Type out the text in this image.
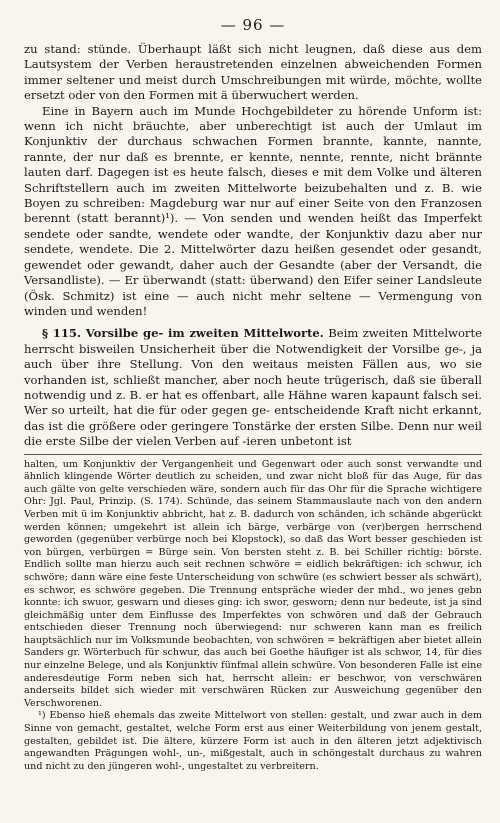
— 96 —

zu stand: stünde. Überhaupt läßt sich nicht leugnen, daß diese aus dem Lautsystem der Verben heraustretenden einzelnen abweichenden Formen immer seltener und meist durch Umschreibungen mit würde, möchte, wollte ersetzt oder von den Formen mit ä überwuchert werden.

Eine in Bayern auch im Munde Hochgebildeter zu hörende Unform ist: wenn ich nicht bräuchte, aber unberechtigt ist auch der Umlaut im Konjunktiv der durchaus schwachen Formen brannte, kannte, nannte, rannte, der nur daß es brennte, er kennte, nennte, rennte, nicht brännte lauten darf. Dagegen ist es heute falsch, dieses e mit dem Volke und älteren Schriftstellern auch im zweiten Mittelworte beizubehalten und z. B. wie Boyen zu schreiben: Magdeburg war nur auf einer Seite von den Franzosen berennt (statt berannt)¹). — Von senden und wenden heißt das Imperfekt sendete oder sandte, wendete oder wandte, der Konjunktiv dazu aber nur sendete, wendete. Die 2. Mittelwörter dazu heißen gesendet oder gesandt, gewendet oder gewandt, daher auch der Gesandte (aber der Versandt, die Versandliste). — Er überwandt (statt: überwand) den Eifer seiner Landsleute (Ösk. Schmitz) ist eine — auch nicht mehr seltene — Vermengung von winden und wenden!

§ 115. Vorsilbe ge- im zweiten Mittelworte. Beim zweiten Mittelworte herrscht bisweilen Unsicherheit über die Notwendigkeit der Vorsilbe ge-, ja auch über ihre Stellung. Von den weitaus meisten Fällen aus, wo sie vorhanden ist, schließt mancher, aber noch heute trügerisch, daß sie überall notwendig und z. B. er hat es offenbart, alle Hähne waren kapaunt falsch sei. Wer so urteilt, hat die für oder gegen ge- entscheidende Kraft nicht erkannt, das ist die größere oder geringere Tonstärke der ersten Silbe. Denn nur weil die erste Silbe der vielen Verben auf -ieren unbetont ist

halten, um Konjunktiv der Vergangenheit und Gegenwart oder auch sonst verwandte und ähnlich klingende Wörter deutlich zu scheiden, und zwar nicht bloß für das Auge, für das auch gälte von gelte verschieden wäre, sondern auch für das Ohr für die Sprache wichtigere Ohr: Jgl. Paul, Prinzip. (S. 174). Schünde, das seinem Stammauslaute nach von den andern Verben mit ü im Konjunktiv abbricht, hat z. B. dadurch von schänden, ich schände abgerückt werden können; umgekehrt ist allein ich bärge, verbärge von (ver)bergen herrschend geworden (gegenüber verbürge noch bei Klopstock), so daß das Wort besser geschieden ist von bürgen, verbürgen = Bürge sein. Von bersten steht z. B. bei Schiller richtig: börste. Endlich sollte man hierzu auch seit rechnen schwöre = eidlich bekräftigen: ich schwur, ich schwöre; dann wäre eine feste Unterscheidung von schwüre (es schwiert besser als schwärt), es schwor, es schwöre gegeben. Die Trennung entspräche wieder der mhd., wo jenes gebn konnte: ich swuor, geswarn und dieses ging: ich swor, gesworn; denn nur bedeute, ist ja sind gleichmäßig unter dem Einflusse des Imperfektes von schwören und daß der Gebrauch entschieden dieser Trennung noch überwiegend: nur schweren kann man es freilich hauptsächlich nur im Volksmunde beobachten, von schwören = bekräftigen aber bietet allein Sanders gr. Wörterbuch für schwur, das auch bei Goethe häufiger ist als schwor, 14, für dies nur einzelne Belege, und als Konjunktiv fünfmal allein schwüre. Von besonderen Falle ist eine anderesdeutige Form neben sich hat, herrscht allein: er beschwor, von verschwären anderseits bildet sich wieder mit verschwären Rücken zur Ausweichung gegenüber den Verschworenen.

¹) Ebenso hieß ehemals das zweite Mittelwort von stellen: gestalt, und zwar auch in dem Sinne von gemacht, gestaltet, welche Form erst aus einer Weiterbildung von jenem gestalt, gestalten, gebildet ist. Die ältere, kürzere Form ist auch in den älteren jetzt adjektivisch angewandten Prägungen wohl-, un-, mißgestalt, auch in schöngestalt durchaus zu wahren und nicht zu den jüngeren wohl-, ungestaltet zu verbreitern.
